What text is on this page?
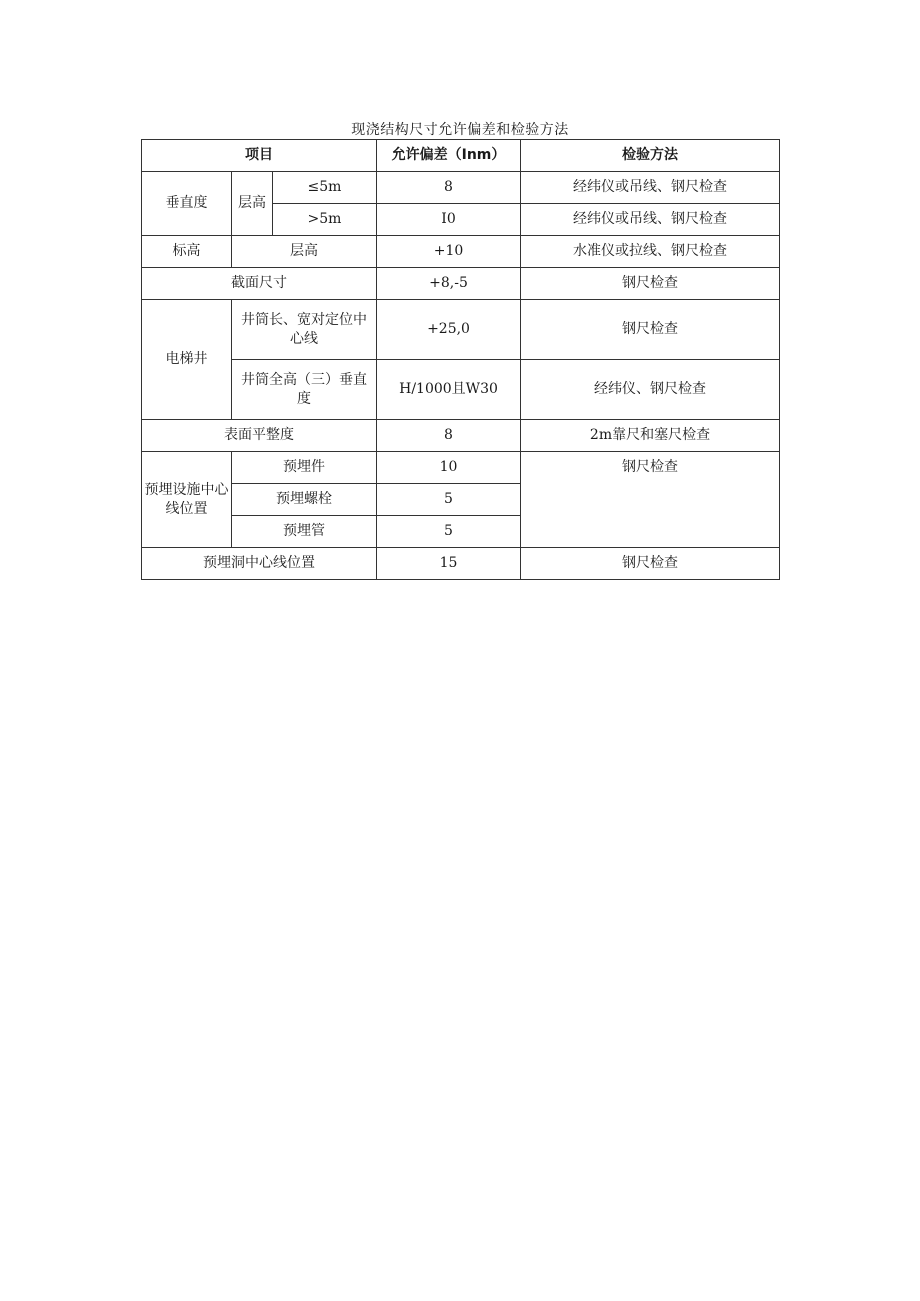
现浇结构尺寸允许偏差和检验方法
项目			允许偏差（Inm）	检验方法
垂直度	层高	≤5m	8	经纬仪或吊线、钢尺检查
		>5m	I0	经纬仪或吊线、钢尺检查
标高	层高		+10	水准仪或拉线、钢尺检查
截面尺寸			+8,-5	钢尺检查
电梯井	井筒长、宽对定位中心线		+25,0	钢尺检查
	井筒全高（三）垂直度		H/1000且W30	经纬仪、钢尺检查
表面平整度			8	2m靠尺和塞尺检查
预埋设施中心线位置	预埋件		10	钢尺检查
	预埋螺栓		5	
	预埋管		5	
预埋洞中心线位置			15	钢尺检查
